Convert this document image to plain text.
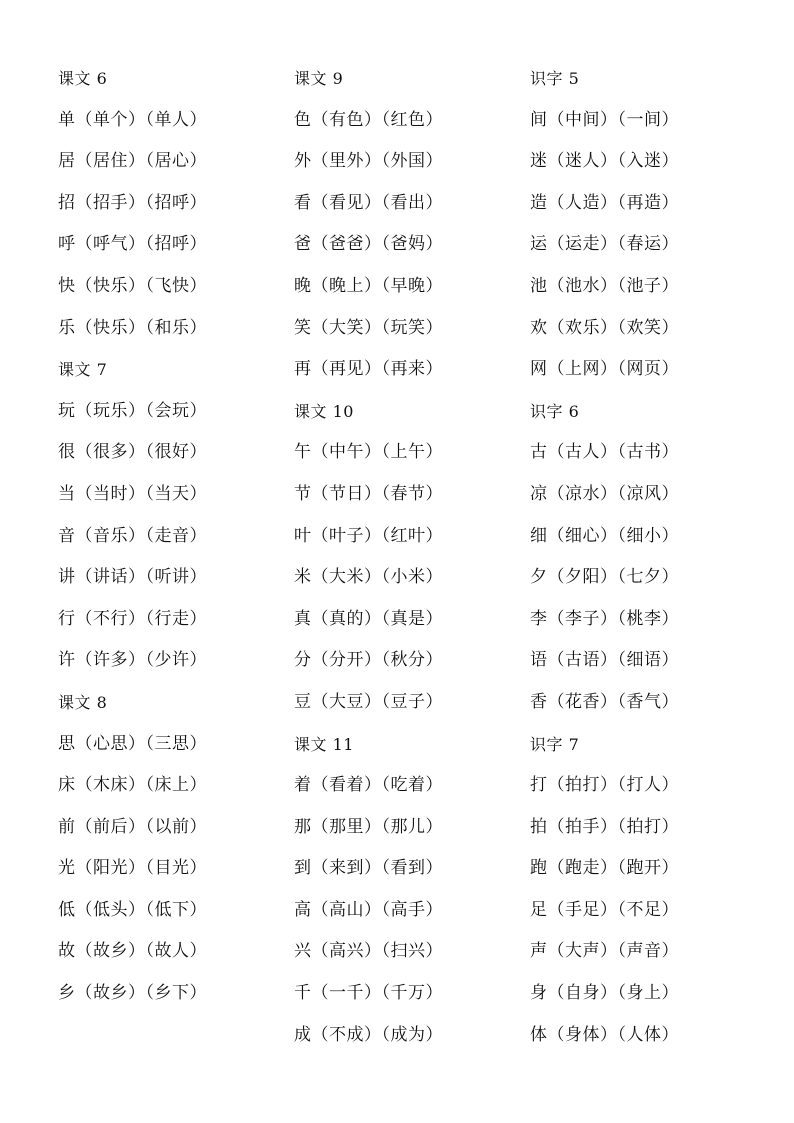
课文 6
单（单个）（单人）
居（居住）（居心）
招（招手）（招呼）
呼（呼气）（招呼）
快（快乐）（飞快）
乐（快乐）（和乐）
课文 7
玩（玩乐）（会玩）
很（很多）（很好）
当（当时）（当天）
音（音乐）（走音）
讲（讲话）（听讲）
行（不行）（行走）
许（许多）（少许）
课文 8
思（心思）（三思）
床（木床）（床上）
前（前后）（以前）
光（阳光）（目光）
低（低头）（低下）
故（故乡）（故人）
乡（故乡）（乡下）
课文 9
色（有色）（红色）
外（里外）（外国）
看（看见）（看出）
爸（爸爸）（爸妈）
晚（晚上）（早晚）
笑（大笑）（玩笑）
再（再见）（再来）
课文 10
午（中午）（上午）
节（节日）（春节）
叶（叶子）（红叶）
米（大米）（小米）
真（真的）（真是）
分（分开）（秋分）
豆（大豆）（豆子）
课文 11
着（看着）（吃着）
那（那里）（那儿）
到（来到）（看到）
高（高山）（高手）
兴（高兴）（扫兴）
千（一千）（千万）
成（不成）（成为）
识字 5
间（中间）（一间）
迷（迷人）（入迷）
造（人造）（再造）
运（运走）（春运）
池（池水）（池子）
欢（欢乐）（欢笑）
网（上网）（网页）
识字 6
古（古人）（古书）
凉（凉水）（凉风）
细（细心）（细小）
夕（夕阳）（七夕）
李（李子）（桃李）
语（古语）（细语）
香（花香）（香气）
识字 7
打（拍打）（打人）
拍（拍手）（拍打）
跑（跑走）（跑开）
足（手足）（不足）
声（大声）（声音）
身（自身）（身上）
体（身体）（人体）
